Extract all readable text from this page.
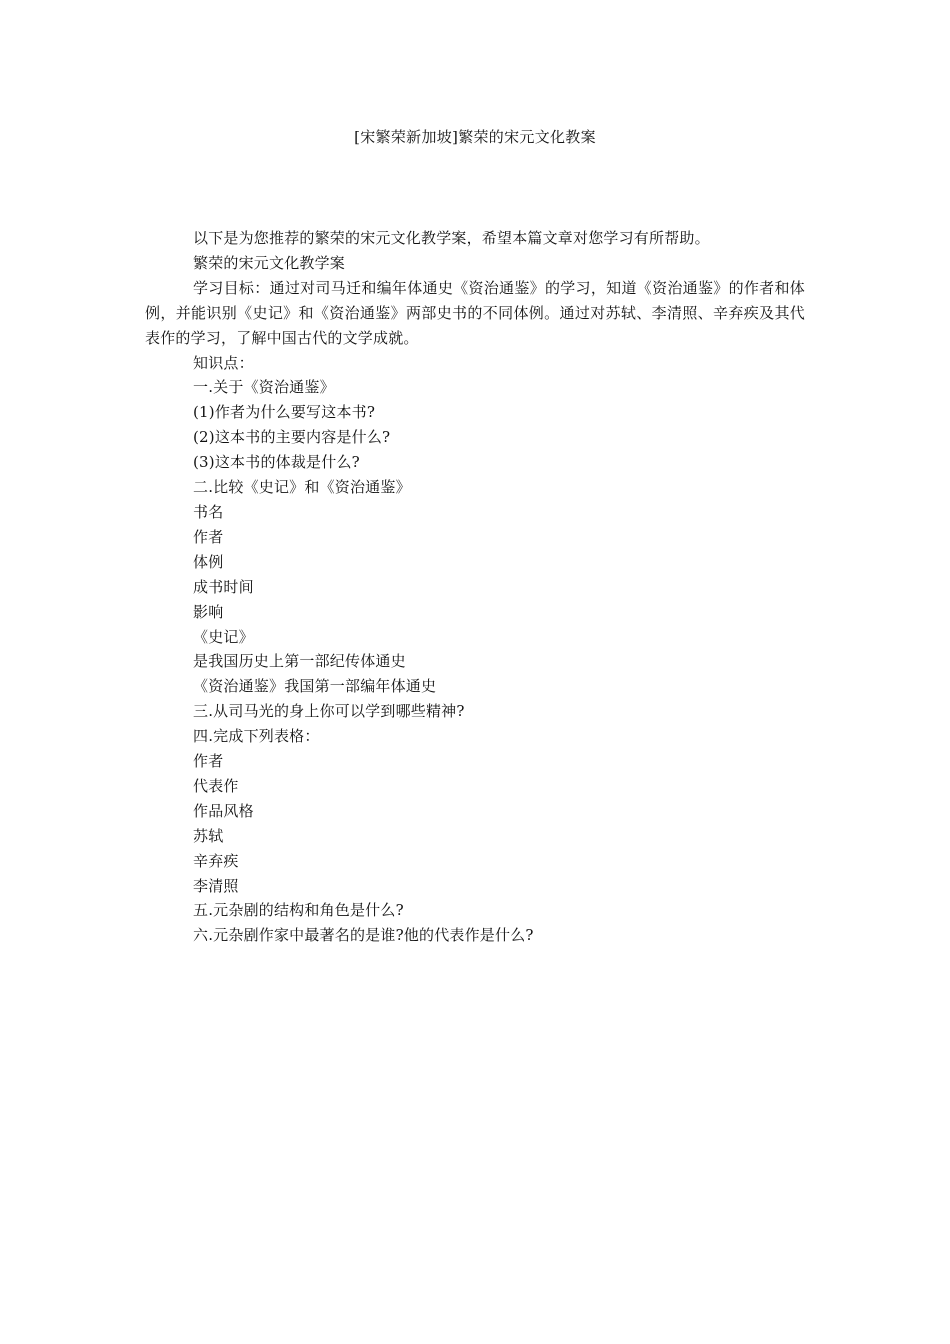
[宋繁荣新加坡]繁荣的宋元文化教案

以下是为您推荐的繁荣的宋元文化教学案，希望本篇文章对您学习有所帮助。

繁荣的宋元文化教学案

学习目标：通过对司马迁和编年体通史《资治通鉴》的学习，知道《资治通鉴》的作者和体例，并能识别《史记》和《资治通鉴》两部史书的不同体例。通过对苏轼、李清照、辛弃疾及其代表作的学习，了解中国古代的文学成就。

知识点：

一.关于《资治通鉴》

(1)作者为什么要写这本书?

(2)这本书的主要内容是什么?

(3)这本书的体裁是什么?

二.比较《史记》和《资治通鉴》

书名

作者

体例

成书时间

影响

《史记》

是我国历史上第一部纪传体通史

《资治通鉴》我国第一部编年体通史

三.从司马光的身上你可以学到哪些精神?

四.完成下列表格：

作者

代表作

作品风格

苏轼

辛弃疾

李清照

五.元杂剧的结构和角色是什么?

六.元杂剧作家中最著名的是谁?他的代表作是什么?
